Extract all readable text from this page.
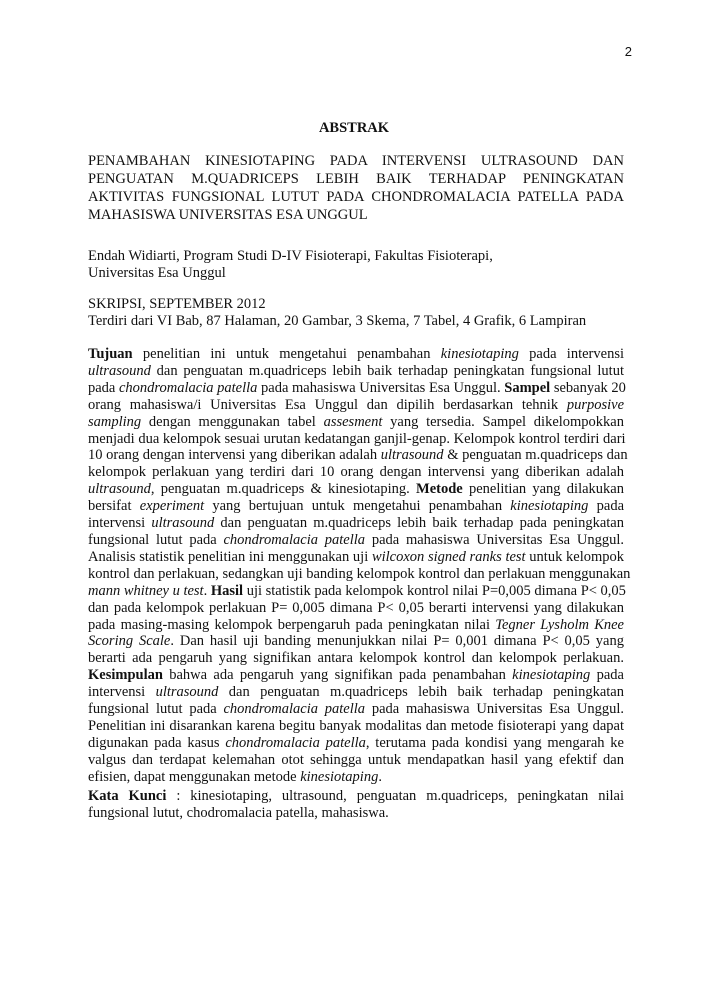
2
ABSTRAK
PENAMBAHAN KINESIOTAPING PADA INTERVENSI ULTRASOUND DAN
PENGUATAN M.QUADRICEPS LEBIH BAIK TERHADAP PENINGKATAN
AKTIVITAS FUNGSIONAL LUTUT PADA CHONDROMALACIA PATELLA PADA
MAHASISWA UNIVERSITAS ESA UNGGUL
Endah Widiarti, Program Studi D-IV Fisioterapi, Fakultas Fisioterapi,
Universitas Esa Unggul
SKRIPSI, SEPTEMBER 2012
Terdiri dari VI Bab, 87 Halaman, 20 Gambar, 3 Skema, 7 Tabel, 4 Grafik, 6 Lampiran
Tujuan penelitian ini untuk mengetahui penambahan kinesiotaping pada intervensi
ultrasound dan penguatan m.quadriceps lebih baik terhadap peningkatan fungsional lutut
pada chondromalacia patella pada mahasiswa Universitas Esa Unggul. Sampel sebanyak 20
orang mahasiswa/i Universitas Esa Unggul dan dipilih berdasarkan tehnik purposive
sampling dengan menggunakan tabel assesment yang tersedia. Sampel dikelompokkan
menjadi dua kelompok sesuai urutan kedatangan ganjil-genap. Kelompok kontrol terdiri dari
10 orang dengan intervensi yang diberikan adalah ultrasound & penguatan m.quadriceps dan
kelompok perlakuan yang terdiri dari 10 orang dengan intervensi yang diberikan adalah
ultrasound, penguatan m.quadriceps & kinesiotaping. Metode penelitian yang dilakukan
bersifat experiment yang bertujuan untuk mengetahui penambahan kinesiotaping pada
intervensi ultrasound dan penguatan m.quadriceps lebih baik terhadap pada peningkatan
fungsional lutut pada chondromalacia patella pada mahasiswa Universitas Esa Unggul.
Analisis statistik penelitian ini menggunakan uji wilcoxon signed ranks test untuk kelompok
kontrol dan perlakuan, sedangkan uji banding kelompok kontrol dan perlakuan menggunakan
mann whitney u test. Hasil uji statistik pada kelompok kontrol nilai P=0,005 dimana P< 0,05
dan pada kelompok perlakuan P= 0,005 dimana P< 0,05 berarti intervensi yang dilakukan
pada masing-masing kelompok berpengaruh pada peningkatan nilai Tegner Lysholm Knee
Scoring Scale. Dan hasil uji banding menunjukkan nilai P= 0,001 dimana P< 0,05 yang
berarti ada pengaruh yang signifikan antara kelompok kontrol dan kelompok perlakuan.
Kesimpulan bahwa ada pengaruh yang signifikan pada penambahan kinesiotaping pada
intervensi ultrasound dan penguatan m.quadriceps lebih baik terhadap peningkatan
fungsional lutut pada chondromalacia patella pada mahasiswa Universitas Esa Unggul.
Penelitian ini disarankan karena begitu banyak modalitas dan metode fisioterapi yang dapat
digunakan pada kasus chondromalacia patella, terutama pada kondisi yang mengarah ke
valgus dan terdapat kelemahan otot sehingga untuk mendapatkan hasil yang efektif dan
efisien, dapat menggunakan metode kinesiotaping.
Kata Kunci : kinesiotaping, ultrasound, penguatan m.quadriceps, peningkatan nilai
fungsional lutut, chodromalacia patella, mahasiswa.
